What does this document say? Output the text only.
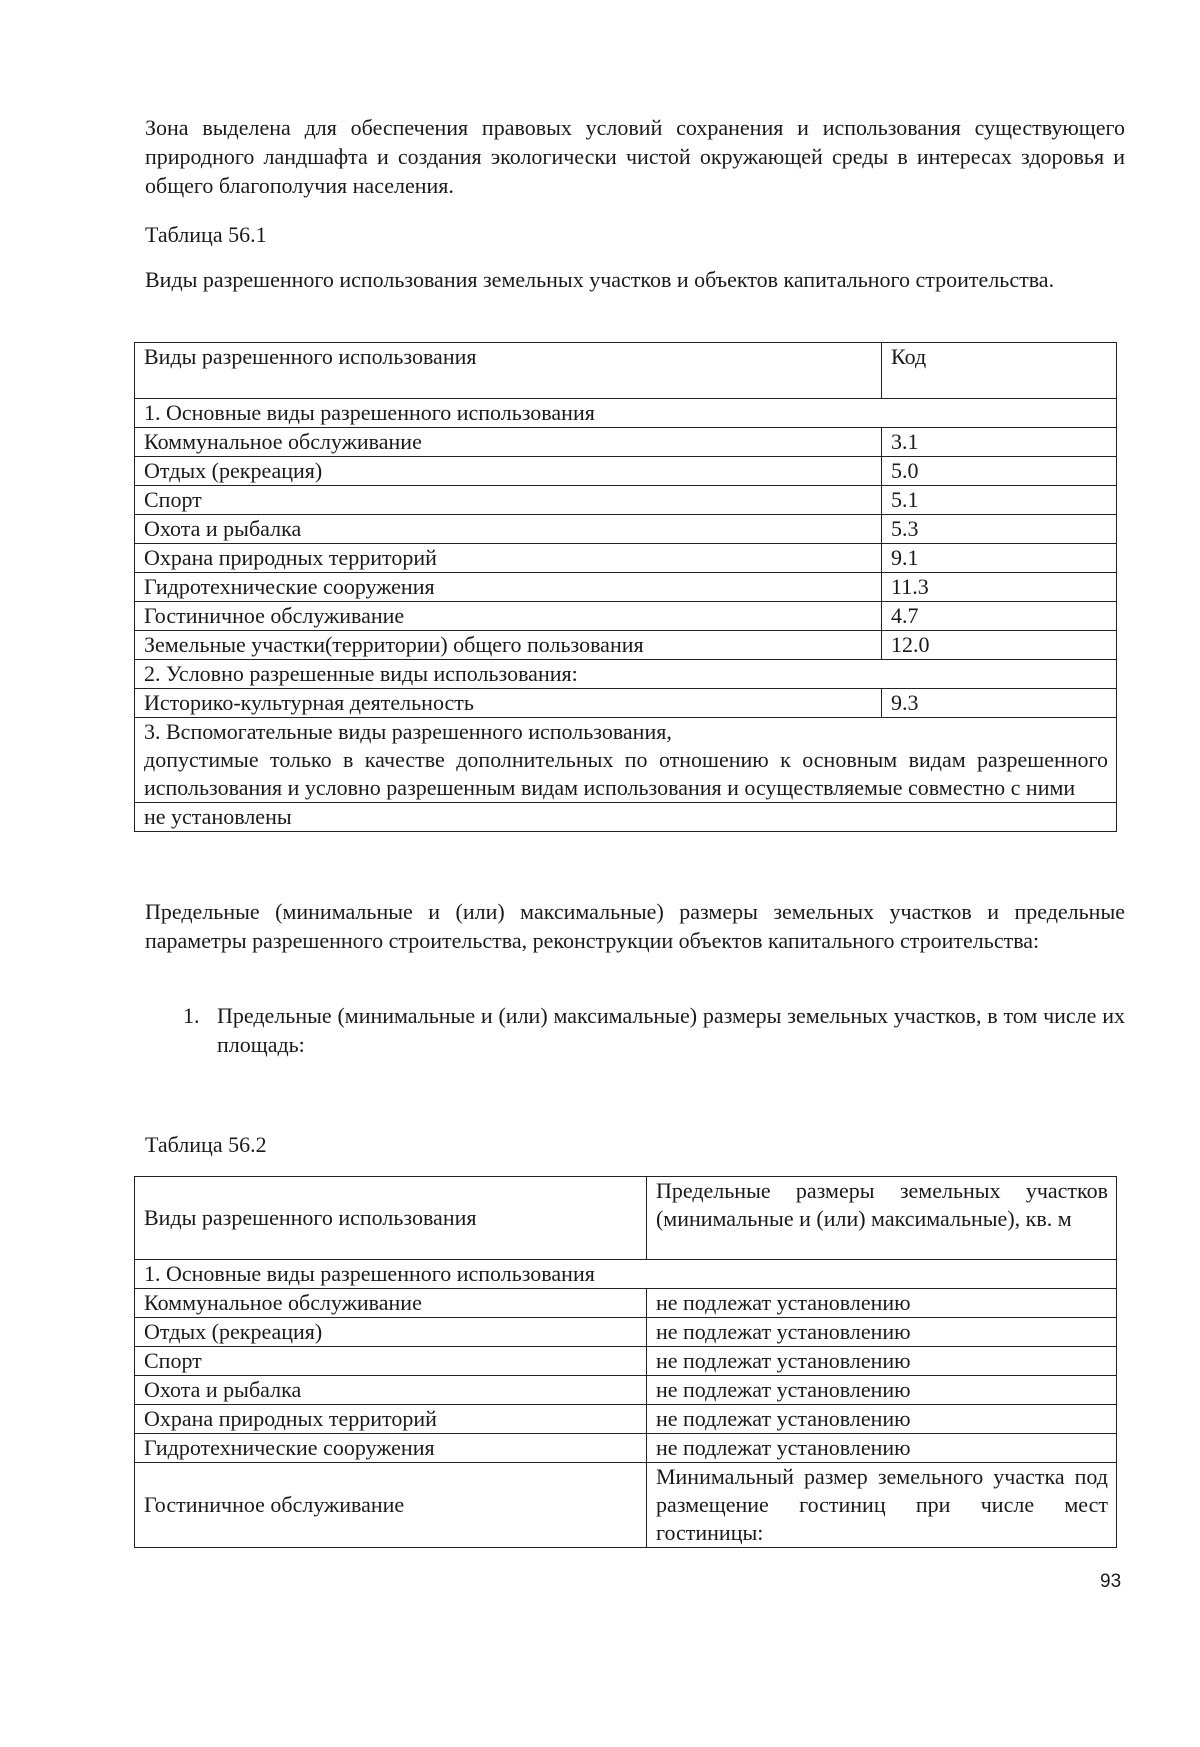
Зона выделена для обеспечения правовых условий сохранения и использования существующего природного ландшафта и создания экологически чистой окружающей среды в интересах здоровья и общего благополучия населения.

Таблица 56.1

Виды разрешенного использования земельных участков и объектов капитального строительства.

Виды разрешенного использования	Код
1. Основные виды разрешенного использования	
Коммунальное обслуживание	3.1
Отдых (рекреация)	5.0
Спорт	5.1
Охота и рыбалка	5.3
Охрана природных территорий	9.1
Гидротехнические сооружения	11.3
Гостиничное обслуживание	4.7
Земельные участки(территории) общего пользования	12.0
2. Условно разрешенные виды использования:	
Историко-культурная деятельность	9.3

3. Вспомогательные виды разрешенного использования,
допустимые только в качестве дополнительных по отношению к основным видам разрешенного использования и условно разрешенным видам использования и осуществляемые совместно с ними	

не установлены	

Предельные (минимальные и (или) максимальные) размеры земельных участков и предельные параметры разрешенного строительства, реконструкции объектов капитального строительства:

1. Предельные (минимальные и (или) максимальные) размеры земельных участков, в том числе их площадь:

Таблица 56.2

Виды разрешенного использования	Предельные размеры земельных участков (минимальные и (или) максимальные), кв. м
1. Основные виды разрешенного использования	
Коммунальное обслуживание	не подлежат установлению
Отдых (рекреация)	не подлежат установлению
Спорт	не подлежат установлению
Охота и рыбалка	не подлежат установлению
Охрана природных территорий	не подлежат установлению
Гидротехнические сооружения	не подлежат установлению
Гостиничное обслуживание	Минимальный размер земельного участка под размещение гостиниц при числе мест гостиницы:
93
